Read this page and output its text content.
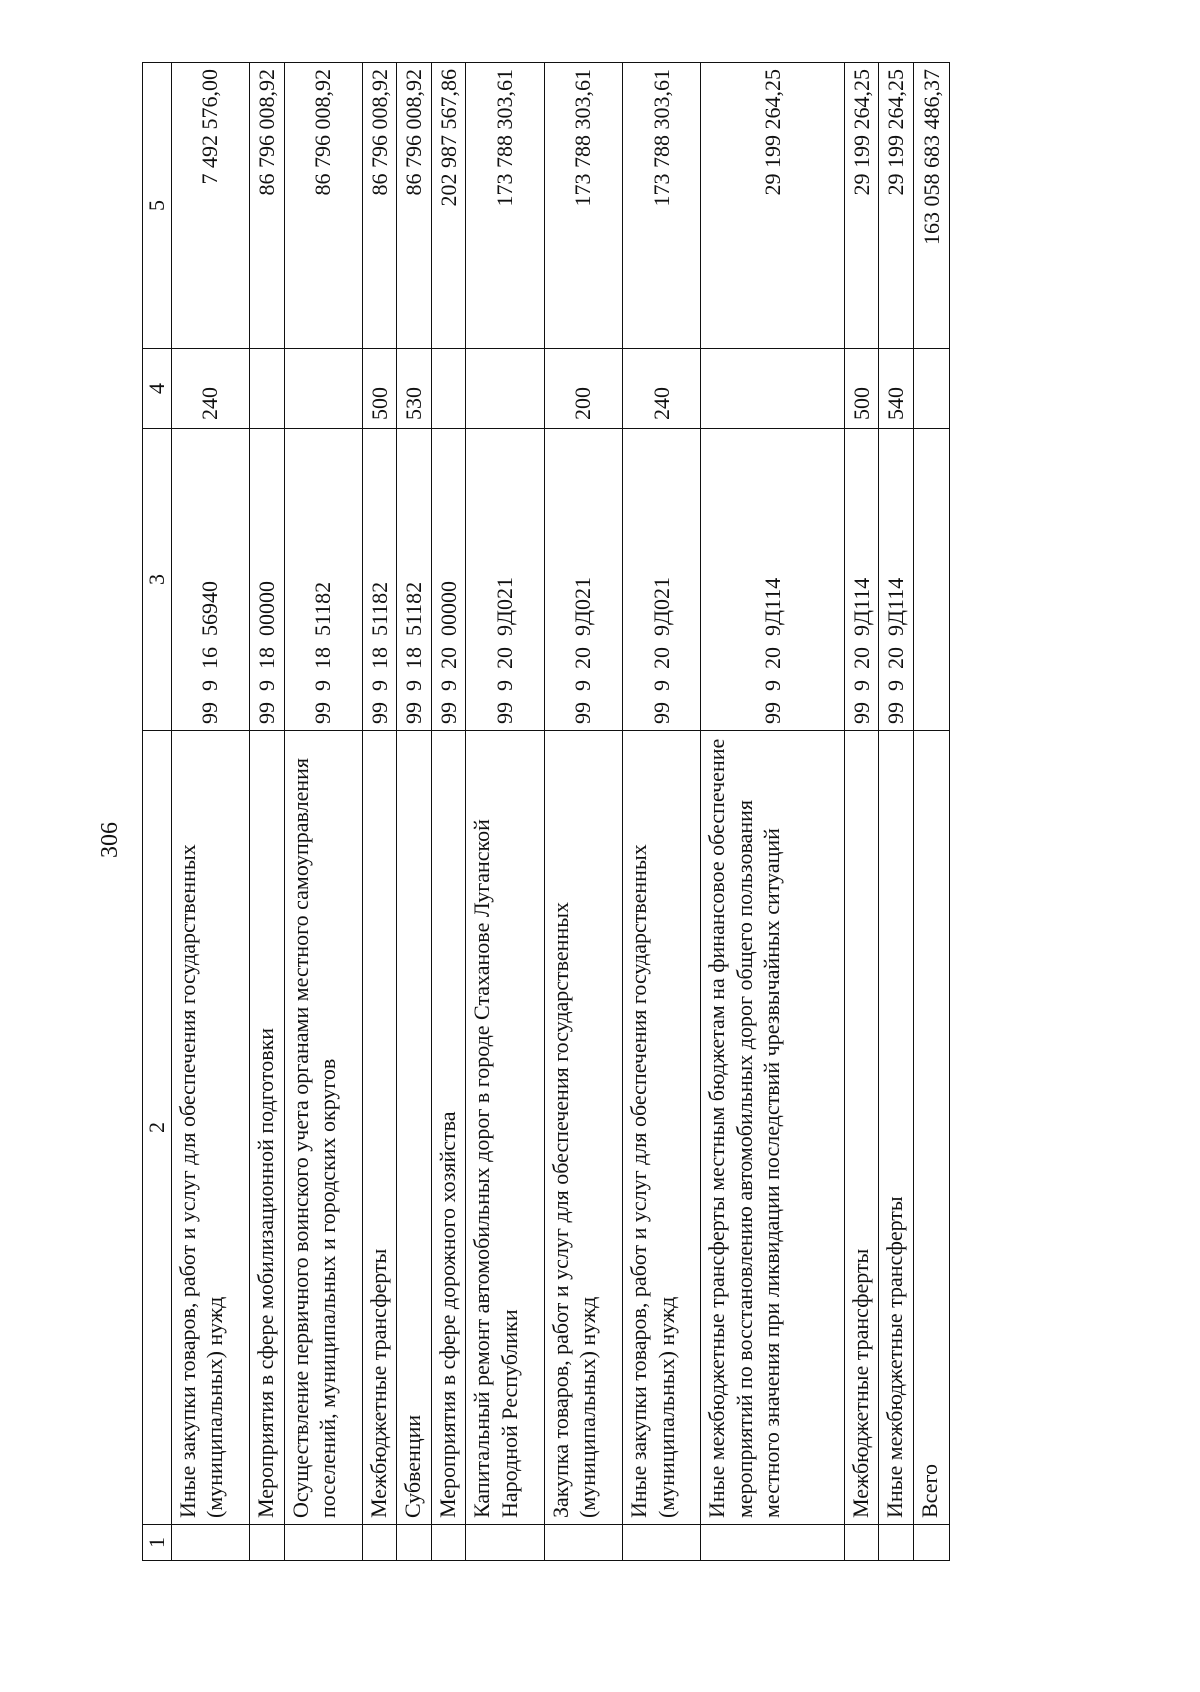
306
1	2	3	4	5
	Иные закупки товаров, работ и услуг для обеспечения государственных (муниципальных) нужд	99  9  16  56940	240	7 492 576,00
	Мероприятия в сфере мобилизационной подготовки	99  9  18  00000		86 796 008,92
	Осуществление первичного воинского учета органами местного самоуправления поселений, муниципальных и городских округов	99  9  18  51182		86 796 008,92
	Межбюджетные трансферты	99  9  18  51182	500	86 796 008,92
	Субвенции	99  9  18  51182	530	86 796 008,92
	Мероприятия в сфере дорожного хозяйства	99  9  20  00000		202 987 567,86
	Капитальный ремонт автомобильных дорог в городе Стаханове Луганской Народной Республики	99  9  20  9Д021		173 788 303,61
	Закупка товаров, работ и услуг для обеспечения государственных (муниципальных) нужд	99  9  20  9Д021	200	173 788 303,61
	Иные закупки товаров, работ и услуг для обеспечения государственных (муниципальных) нужд	99  9  20  9Д021	240	173 788 303,61
	Иные межбюджетные трансферты местным бюджетам на финансовое обеспечение мероприятий по восстановлению автомобильных дорог общего пользования местного значения при ликвидации последствий чрезвычайных ситуаций	99  9  20  9Д114		29 199 264,25
	Межбюджетные трансферты	99  9  20  9Д114	500	29 199 264,25
	Иные межбюджетные трансферты	99  9  20  9Д114	540	29 199 264,25
	Всего			163 058 683 486,37
